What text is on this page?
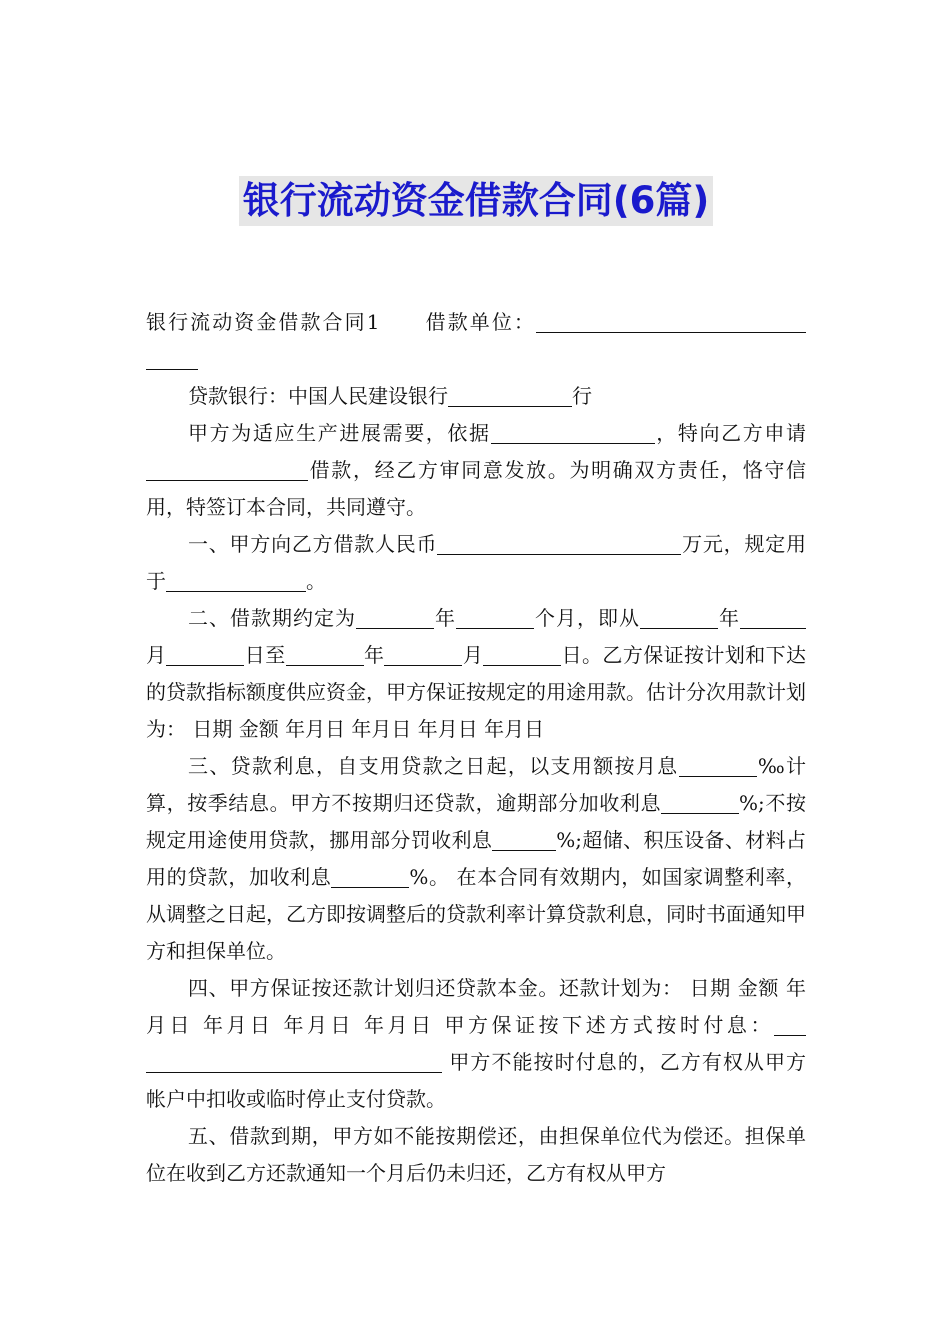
银行流动资金借款合同(6篇)

银行流动资金借款合同1　　借款单位：

贷款银行：中国人民建设银行	行

甲方为适应生产进展需要，依据	，特向乙方申请借款，经乙方审同意发放。为明确双方责任，恪守信用，特签订本合同，共同遵守。

一、甲方向乙方借款人民币	万元，规定用于	。

二、借款期约定为	年	个月，即从	年月	日至	年	月	日。乙方保证按计划和下达的贷款指标额度供应资金，甲方保证按规定的用途用款。估计分次用款计划为： 日期 金额 年月日 年月日 年月日 年月日

三、贷款利息，自支用贷款之日起，以支用额按月息	‰计算，按季结息。甲方不按期归还贷款，逾期部分加收利息	%;不按规定用途使用贷款，挪用部分罚收利息	%;超储、积压设备、材料占用的贷款，加收利息	%。 在本合同有效期内，如国家调整利率，从调整之日起，乙方即按调整后的贷款利率计算贷款利息，同时书面通知甲方和担保单位。

四、甲方保证按还款计划归还贷款本金。还款计划为： 日期 金额 年月日 年月日 年月日 年月日 甲方保证按下述方式按时付息： 甲方不能按时付息的，乙方有权从甲方帐户中扣收或临时停止支付贷款。

五、借款到期，甲方如不能按期偿还，由担保单位代为偿还。担保单位在收到乙方还款通知一个月后仍未归还，乙方有权从甲方
